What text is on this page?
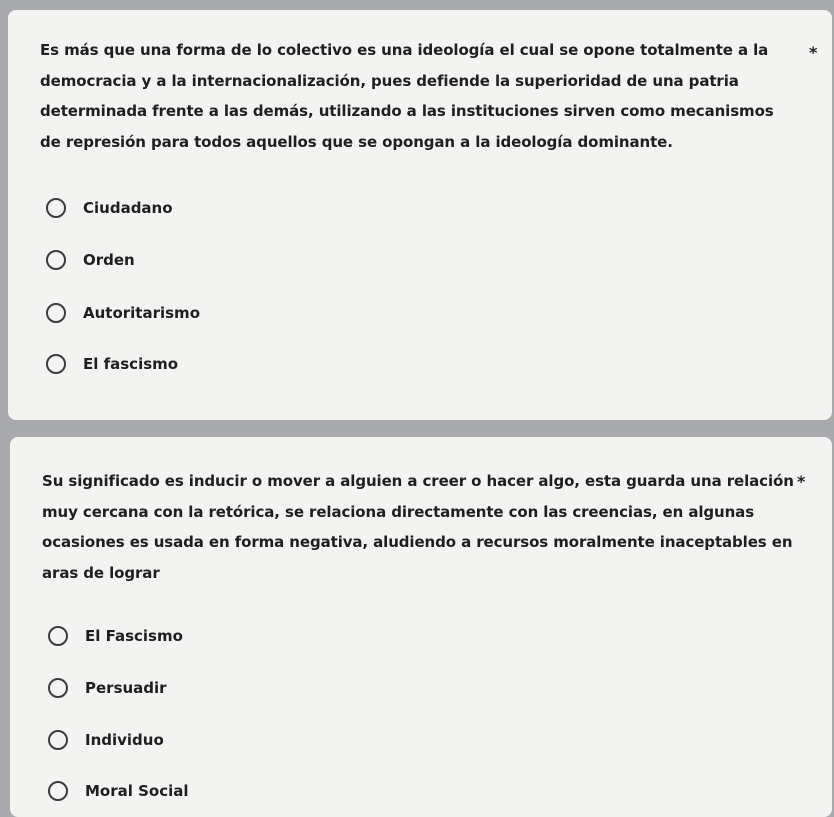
Es más que una forma de lo colectivo es una ideología el cual se opone totalmente a la democracia y a la internacionalización, pues defiende la superioridad de una patria determinada frente a las demás, utilizando a las instituciones sirven como mecanismos de represión para todos aquellos que se opongan a la ideología dominante.

*
Ciudadano
Orden
Autoritarismo
El fascismo

Su significado es inducir o mover a alguien a creer o hacer algo, esta guarda una relación muy cercana con la retórica, se relaciona directamente con las creencias, en algunas ocasiones es usada en forma negativa, aludiendo a recursos moralmente inaceptables en aras de lograr

*
El Fascismo
Persuadir
Individuo
Moral Social
